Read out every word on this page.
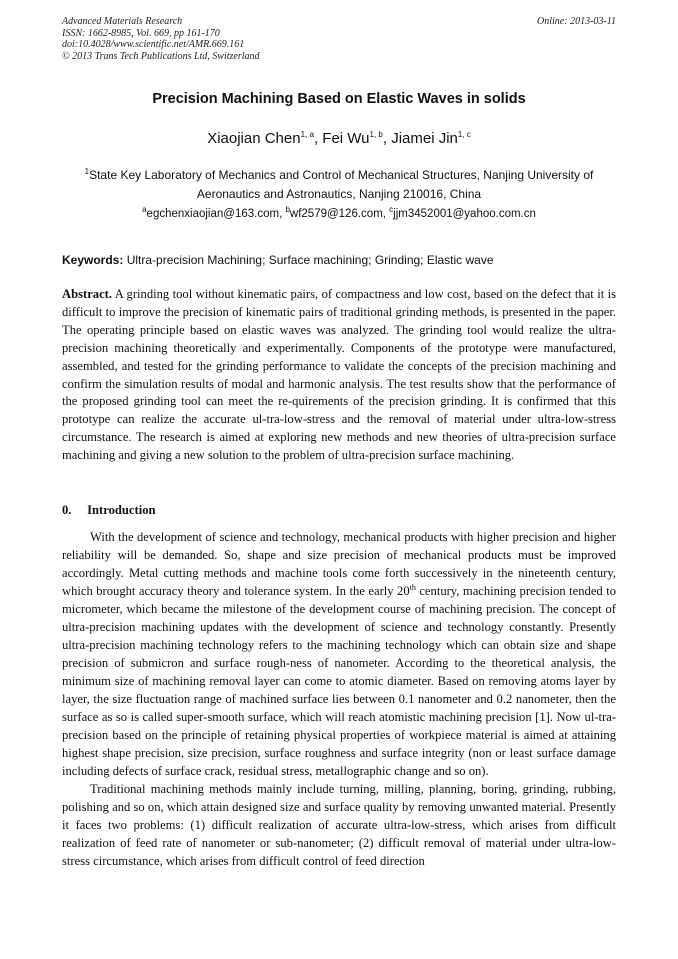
Advanced Materials Research
ISSN: 1662-8985, Vol. 669, pp 161-170
doi:10.4028/www.scientific.net/AMR.669.161
© 2013 Trans Tech Publications Ltd, Switzerland
Online: 2013-03-11
Precision Machining Based on Elastic Waves in solids
Xiaojian Chen$^{1, a}$, Fei Wu$^{1, b}$, Jiamei Jin$^{1, c}$
$^1$State Key Laboratory of Mechanics and Control of Mechanical Structures, Nanjing University of Aeronautics and Astronautics, Nanjing 210016, China
$^a$egchenxiaojian@163.com, $^b$wf2579@126.com, $^c$jjm3452001@yahoo.com.cn
Keywords: Ultra-precision Machining; Surface machining; Grinding; Elastic wave
Abstract. A grinding tool without kinematic pairs, of compactness and low cost, based on the defect that it is difficult to improve the precision of kinematic pairs of traditional grinding methods, is presented in the paper. The operating principle based on elastic waves was analyzed. The grinding tool would realize the ultra-precision machining theoretically and experimentally. Components of the prototype were manufactured, assembled, and tested for the grinding performance to validate the concepts of the precision machining and confirm the simulation results of modal and harmonic analysis. The test results show that the performance of the proposed grinding tool can meet the re-quirements of the precision grinding. It is confirmed that this prototype can realize the accurate ul-tra-low-stress and the removal of material under ultra-low-stress circumstance. The research is aimed at exploring new methods and new theories of ultra-precision surface machining and giving a new solution to the problem of ultra-precision surface machining.
0. Introduction

With the development of science and technology, mechanical products with higher precision and higher reliability will be demanded. So, shape and size precision of mechanical products must be improved accordingly. Metal cutting methods and machine tools come forth successively in the nineteenth century, which brought accuracy theory and tolerance system. In the early 20th century, machining precision tended to micrometer, which became the milestone of the development course of machining precision. The concept of ultra-precision machining updates with the development of science and technology constantly. Presently ultra-precision machining technology refers to the machining technology which can obtain size and shape precision of submicron and surface rough-ness of nanometer. According to the theoretical analysis, the minimum size of machining removal layer can come to atomic diameter. Based on removing atoms layer by layer, the size fluctuation range of machined surface lies between 0.1 nanometer and 0.2 nanometer, then the surface as so is called super-smooth surface, which will reach atomistic machining precision [1]. Now ul-tra-precision based on the principle of retaining physical properties of workpiece material is aimed at attaining highest shape precision, size precision, surface roughness and surface integrity (non or least surface damage including defects of surface crack, residual stress, metallographic change and so on).

Traditional machining methods mainly include turning, milling, planning, boring, grinding, rubbing, polishing and so on, which attain designed size and surface quality by removing unwanted material. Presently it faces two problems: (1) difficult realization of accurate ultra-low-stress, which arises from difficult realization of feed rate of nanometer or sub-nanometer; (2) difficult removal of material under ultra-low-stress circumstance, which arises from difficult control of feed direction
